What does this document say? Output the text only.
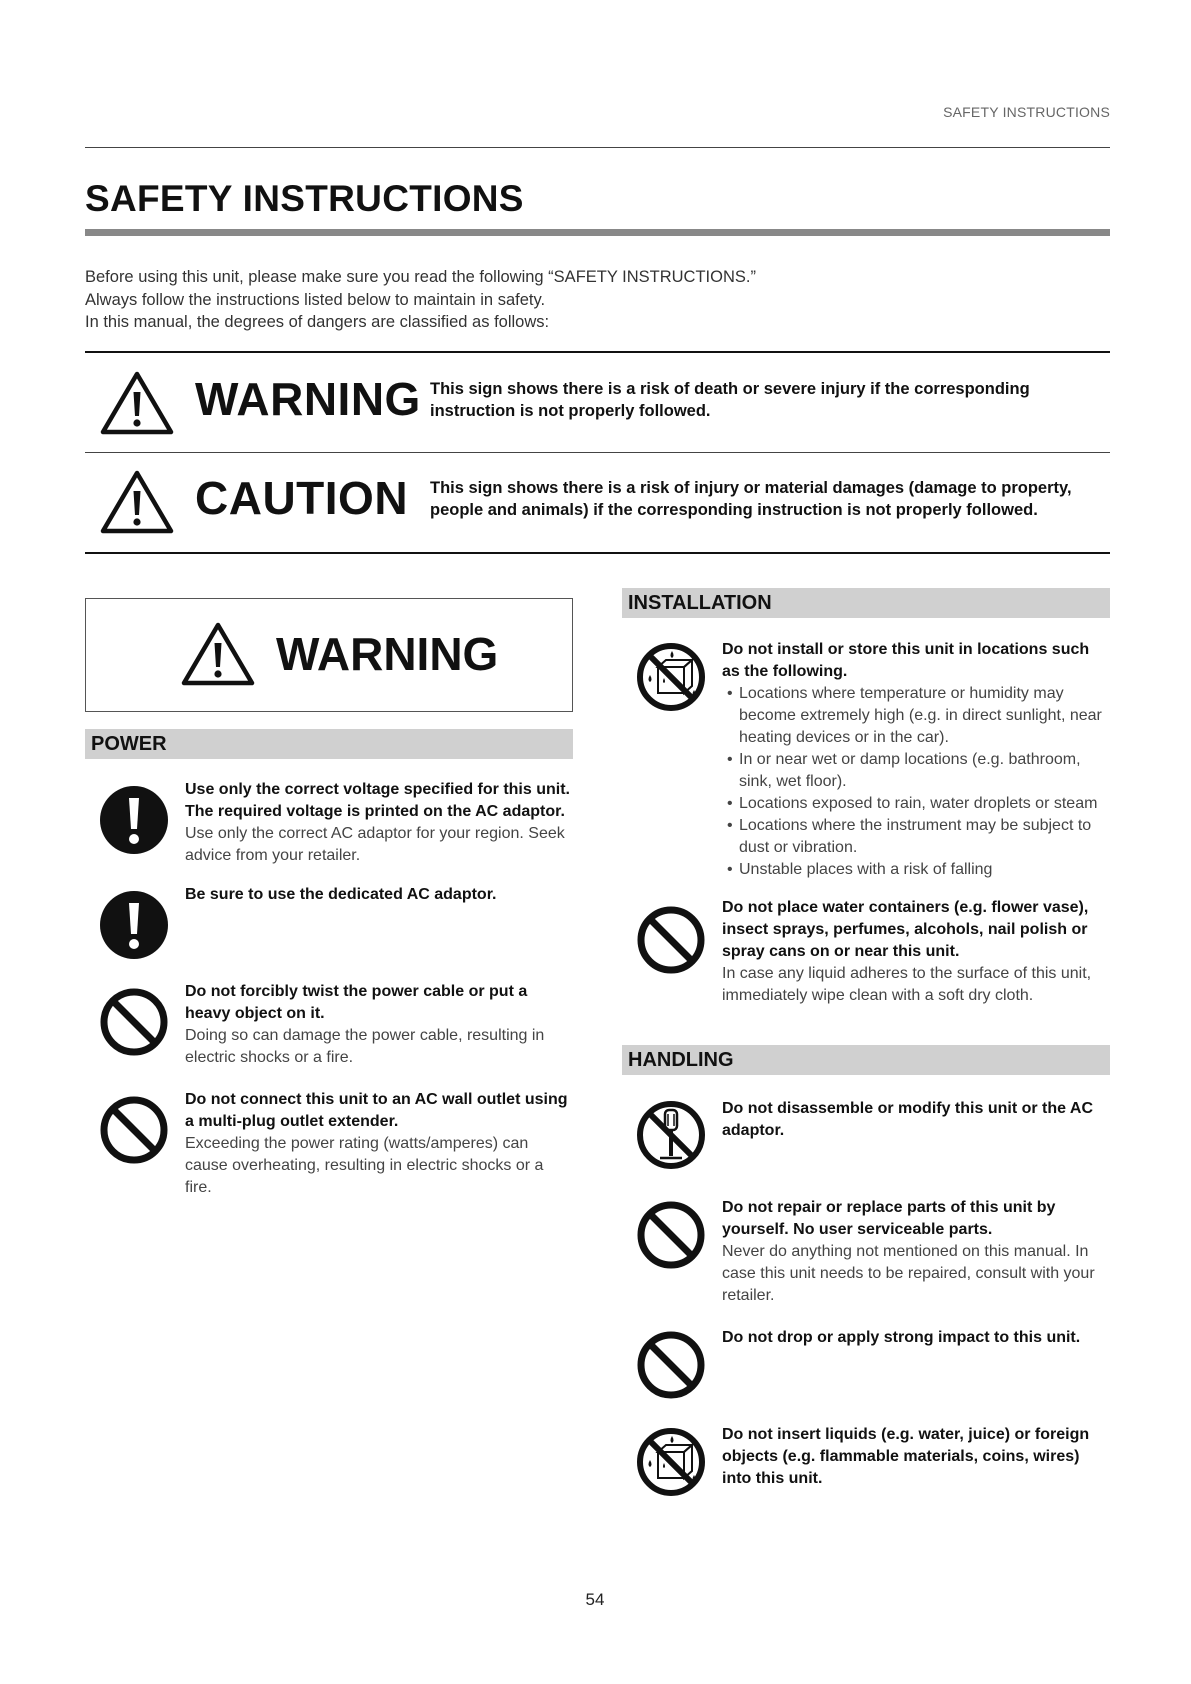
SAFETY INSTRUCTIONS
SAFETY INSTRUCTIONS
Before using this unit, please make sure you read the following “SAFETY INSTRUCTIONS.”
Always follow the instructions listed below to maintain in safety.
In this manual, the degrees of dangers are classified as follows:
WARNING This sign shows there is a risk of death or severe injury if the corresponding instruction is not properly followed.
CAUTION This sign shows there is a risk of injury or material damages (damage to property, people and animals) if the corresponding instruction is not properly followed.
WARNING
POWER
Use only the correct voltage specified for this unit. The required voltage is printed on the AC adaptor.
Use only the correct AC adaptor for your region. Seek advice from your retailer.
Be sure to use the dedicated AC adaptor.
Do not forcibly twist the power cable or put a heavy object on it.
Doing so can damage the power cable, resulting in electric shocks or a fire.
Do not connect this unit to an AC wall outlet using a multi-plug outlet extender.
Exceeding the power rating (watts/amperes) can cause overheating, resulting in electric shocks or a fire.
INSTALLATION
Do not install or store this unit in locations such as the following.
• Locations where temperature or humidity may become extremely high (e.g. in direct sunlight, near heating devices or in the car).
• In or near wet or damp locations (e.g. bathroom, sink, wet floor).
• Locations exposed to rain, water droplets or steam
• Locations where the instrument may be subject to dust or vibration.
• Unstable places with a risk of falling
Do not place water containers (e.g. flower vase), insect sprays, perfumes, alcohols, nail polish or spray cans on or near this unit.
In case any liquid adheres to the surface of this unit, immediately wipe clean with a soft dry cloth.
HANDLING
Do not disassemble or modify this unit or the AC adaptor.
Do not repair or replace parts of this unit by yourself. No user serviceable parts.
Never do anything not mentioned on this manual. In case this unit needs to be repaired, consult with your retailer.
Do not drop or apply strong impact to this unit.
Do not insert liquids (e.g. water, juice) or foreign objects (e.g. flammable materials, coins, wires) into this unit.
54
